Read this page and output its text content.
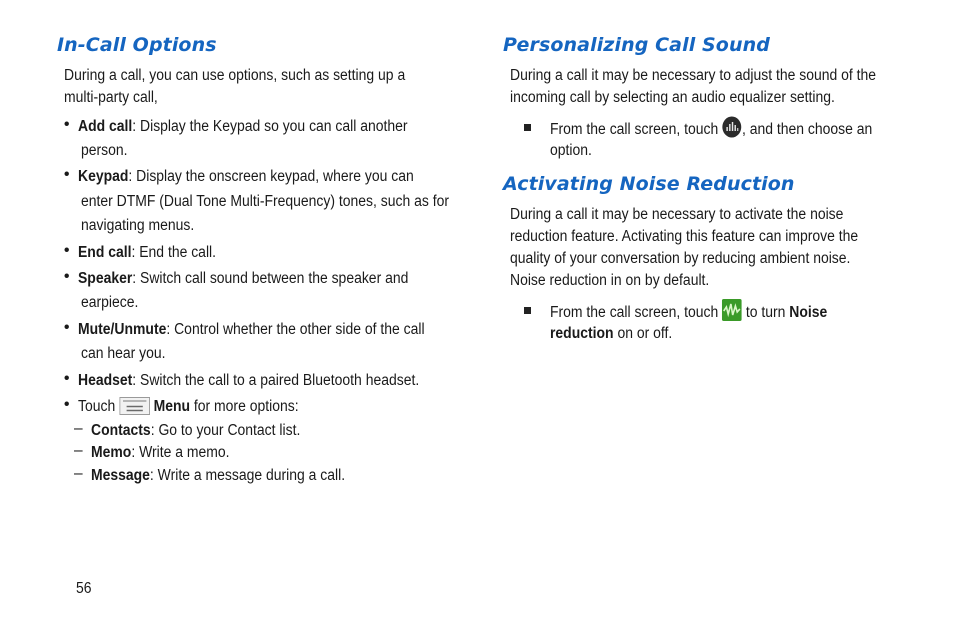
In-Call Options
During a call, you can use options, such as setting up a
multi-party call,
• Add call: Display the Keypad so you can call another
person.
• Keypad: Display the onscreen keypad, where you can
enter DTMF (Dual Tone Multi-Frequency) tones, such as for
navigating menus.
• End call: End the call.
• Speaker: Switch call sound between the speaker and
earpiece.
• Mute/Unmute: Control whether the other side of the call
can hear you.
• Headset: Switch the call to a paired Bluetooth headset.
• Touch Menu for more options:
– Contacts: Go to your Contact list.
– Memo: Write a memo.
– Message: Write a message during a call.
Personalizing Call Sound
During a call it may be necessary to adjust the sound of the
incoming call by selecting an audio equalizer setting.
From the call screen, touch , and then choose an
option.
Activating Noise Reduction
During a call it may be necessary to activate the noise
reduction feature. Activating this feature can improve the
quality of your conversation by reducing ambient noise.
Noise reduction in on by default.
From the call screen, touch to turn Noise
reduction on or off.
56
